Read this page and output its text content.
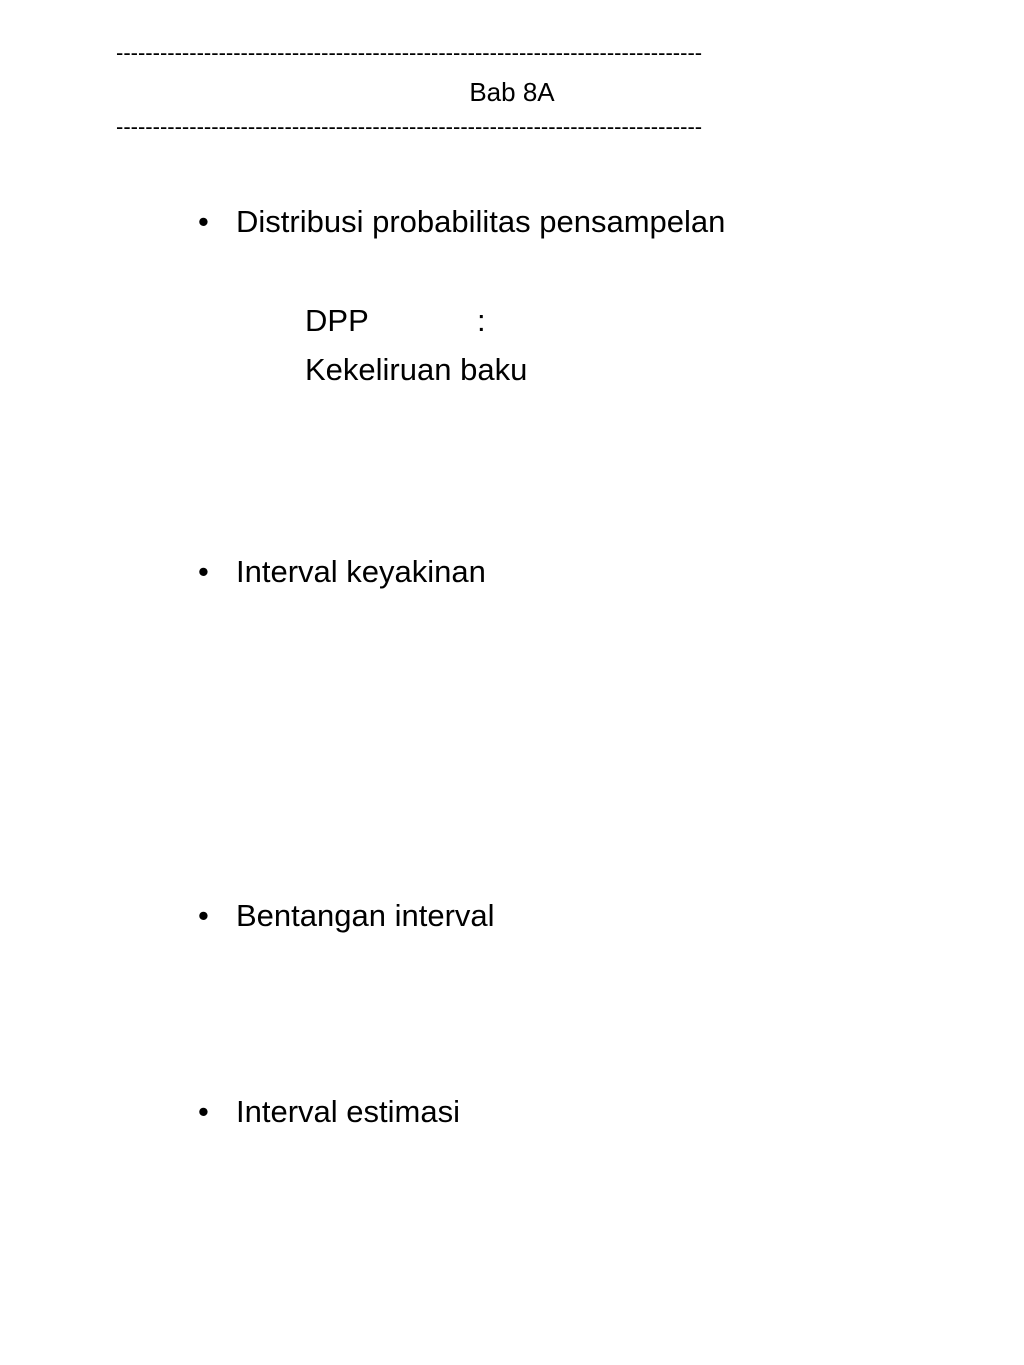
--------------------------------------------------------------------------------
Bab 8A
--------------------------------------------------------------------------------
• Distribusi probabilitas pensampelan
DPP	:
Kekeliruan baku
• Interval keyakinan
• Bentangan interval
• Interval estimasi
